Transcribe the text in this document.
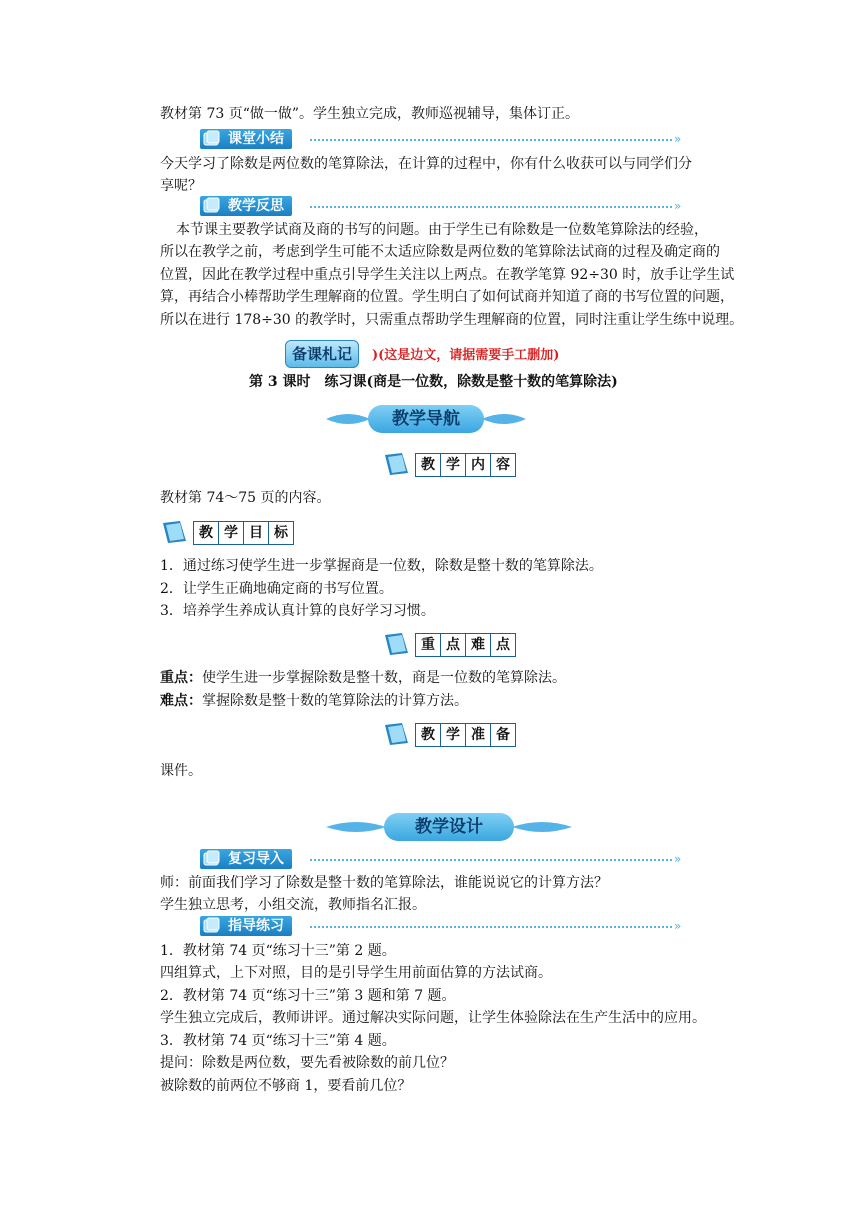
教材第 73 页“做一做”。学生独立完成，教师巡视辅导，集体订正。

课堂小结	»

今天学习了除数是两位数的笔算除法，在计算的过程中，你有什么收获可以与同学们分

享呢？

教学反思	»

本节课主要教学试商及商的书写的问题。由于学生已有除数是一位数笔算除法的经验，

所以在教学之前，考虑到学生可能不太适应除数是两位数的笔算除法试商的过程及确定商的

位置，因此在教学过程中重点引导学生关注以上两点。在教学笔算 92÷30 时，放手让学生试

算，再结合小棒帮助学生理解商的位置。学生明白了如何试商并知道了商的书写位置的问题，

所以在进行 178÷30 的教学时，只需重点帮助学生理解商的位置，同时注重让学生练中说理。

备课札记	)(这是边文，请据需要手工删加)

第 3 课时　练习课(商是一位数，除数是整十数的笔算除法)

教学导航
教 学 内 容

教材第 74～75 页的内容。

教 学 目 标

1．通过练习使学生进一步掌握商是一位数，除数是整十数的笔算除法。

2．让学生正确地确定商的书写位置。

3．培养学生养成认真计算的良好学习习惯。

重 点 难 点

重点：使学生进一步掌握除数是整十数，商是一位数的笔算除法。

难点：掌握除数是整十数的笔算除法的计算方法。

教 学 准 备

课件。

教学设计
复习导入	»

师：前面我们学习了除数是整十数的笔算除法，谁能说说它的计算方法？

学生独立思考，小组交流，教师指名汇报。

指导练习	»

1．教材第 74 页“练习十三”第 2 题。

四组算式，上下对照，目的是引导学生用前面估算的方法试商。

2．教材第 74 页“练习十三”第 3 题和第 7 题。

学生独立完成后，教师讲评。通过解决实际问题，让学生体验除法在生产生活中的应用。

3．教材第 74 页“练习十三”第 4 题。

提问：除数是两位数，要先看被除数的前几位？

被除数的前两位不够商 1，要看前几位？
